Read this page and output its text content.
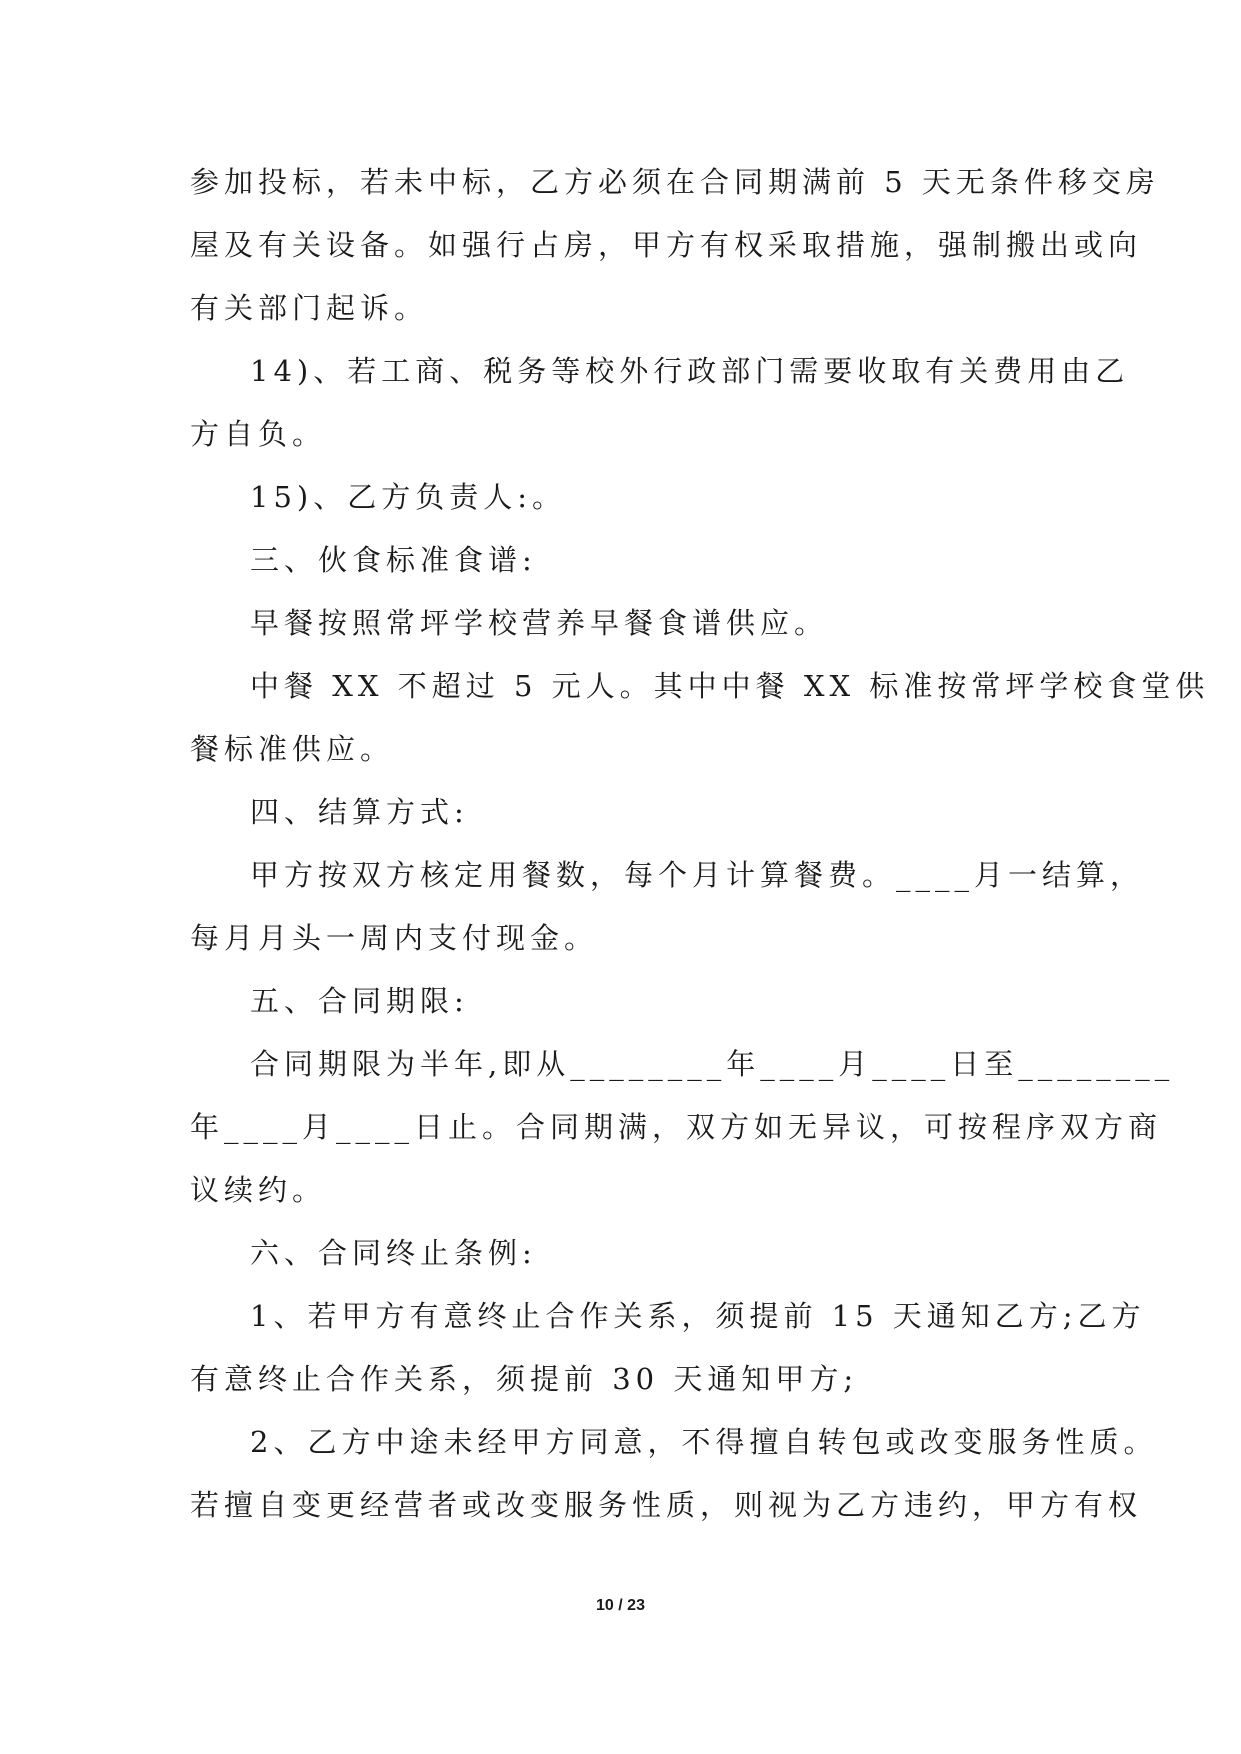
参加投标，若未中标，乙方必须在合同期满前 5 天无条件移交房
屋及有关设备。如强行占房，甲方有权采取措施，强制搬出或向
有关部门起诉。
14)、若工商、税务等校外行政部门需要收取有关费用由乙
方自负。
15)、乙方负责人:。
三、伙食标准食谱:
早餐按照常坪学校营养早餐食谱供应。
中餐 XX 不超过 5 元人。其中中餐 XX 标准按常坪学校食堂供
餐标准供应。
四、结算方式:
甲方按双方核定用餐数，每个月计算餐费。____月一结算，
每月月头一周内支付现金。
五、合同期限:
合同期限为半年,即从________年____月____日至________
年____月____日止。合同期满，双方如无异议，可按程序双方商
议续约。
六、合同终止条例:
1、若甲方有意终止合作关系，须提前 15 天通知乙方;乙方
有意终止合作关系，须提前 30 天通知甲方;
2、乙方中途未经甲方同意，不得擅自转包或改变服务性质。
若擅自变更经营者或改变服务性质，则视为乙方违约，甲方有权
10 / 23
